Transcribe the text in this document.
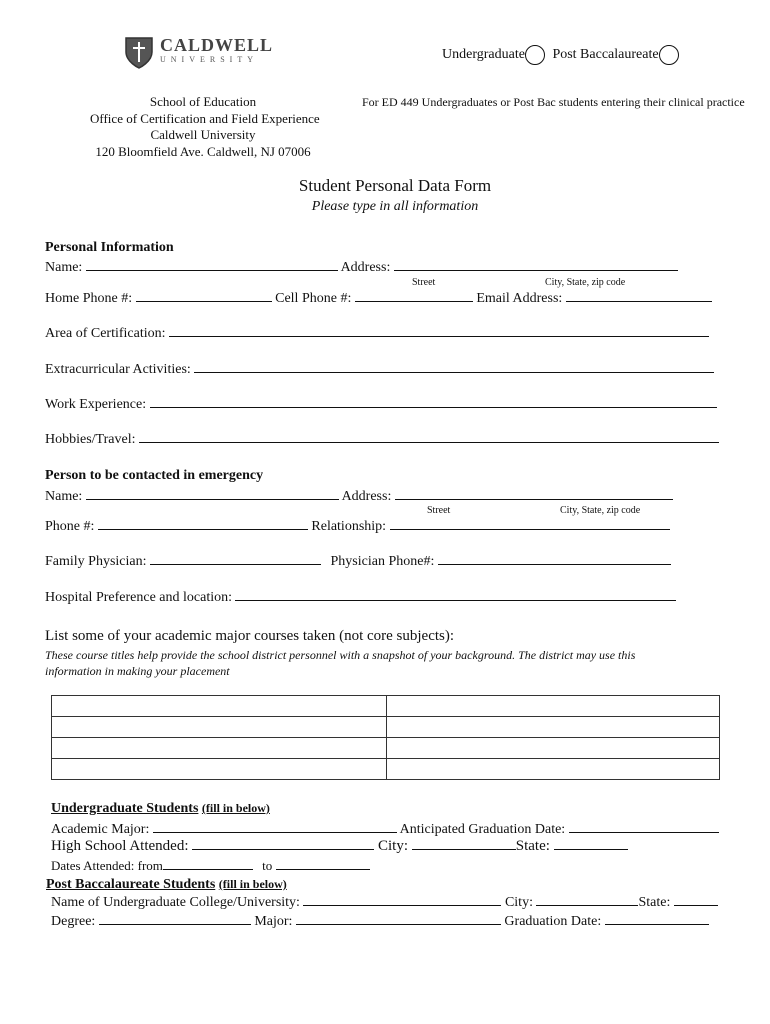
CALDWELL
UNIVERSITY	Undergraduate Post Baccalaureate
School of Education
Office of Certification and Field Experience
Caldwell University
120 Bloomfield Ave. Caldwell, NJ 07006
For ED 449 Undergraduates or Post Bac students entering their clinical practice
Student Personal Data Form
Please type in all information
Personal Information
Name:	Address:
Street	City, State, zip code
Home Phone #:	Cell Phone #:	Email Address:
Area of Certification:
Extracurricular Activities:
Work Experience:
Hobbies/Travel:
Person to be contacted in emergency
Name:	Address:
Street	City, State, zip code
Phone #:	Relationship:
Family Physician:	Physician Phone#:
Hospital Preference and location:
List some of your academic major courses taken (not core subjects):
These course titles help provide the school district personnel with a snapshot of your background. The district may use this
information in making your placement

Undergraduate Students (fill in below)
Academic Major:	Anticipated Graduation Date:
High School Attended:	City:	State:
Dates Attended: from	to
Post Baccalaureate Students (fill in below)
Name of Undergraduate College/University:	City:	State:
Degree:	Major:	Graduation Date:
